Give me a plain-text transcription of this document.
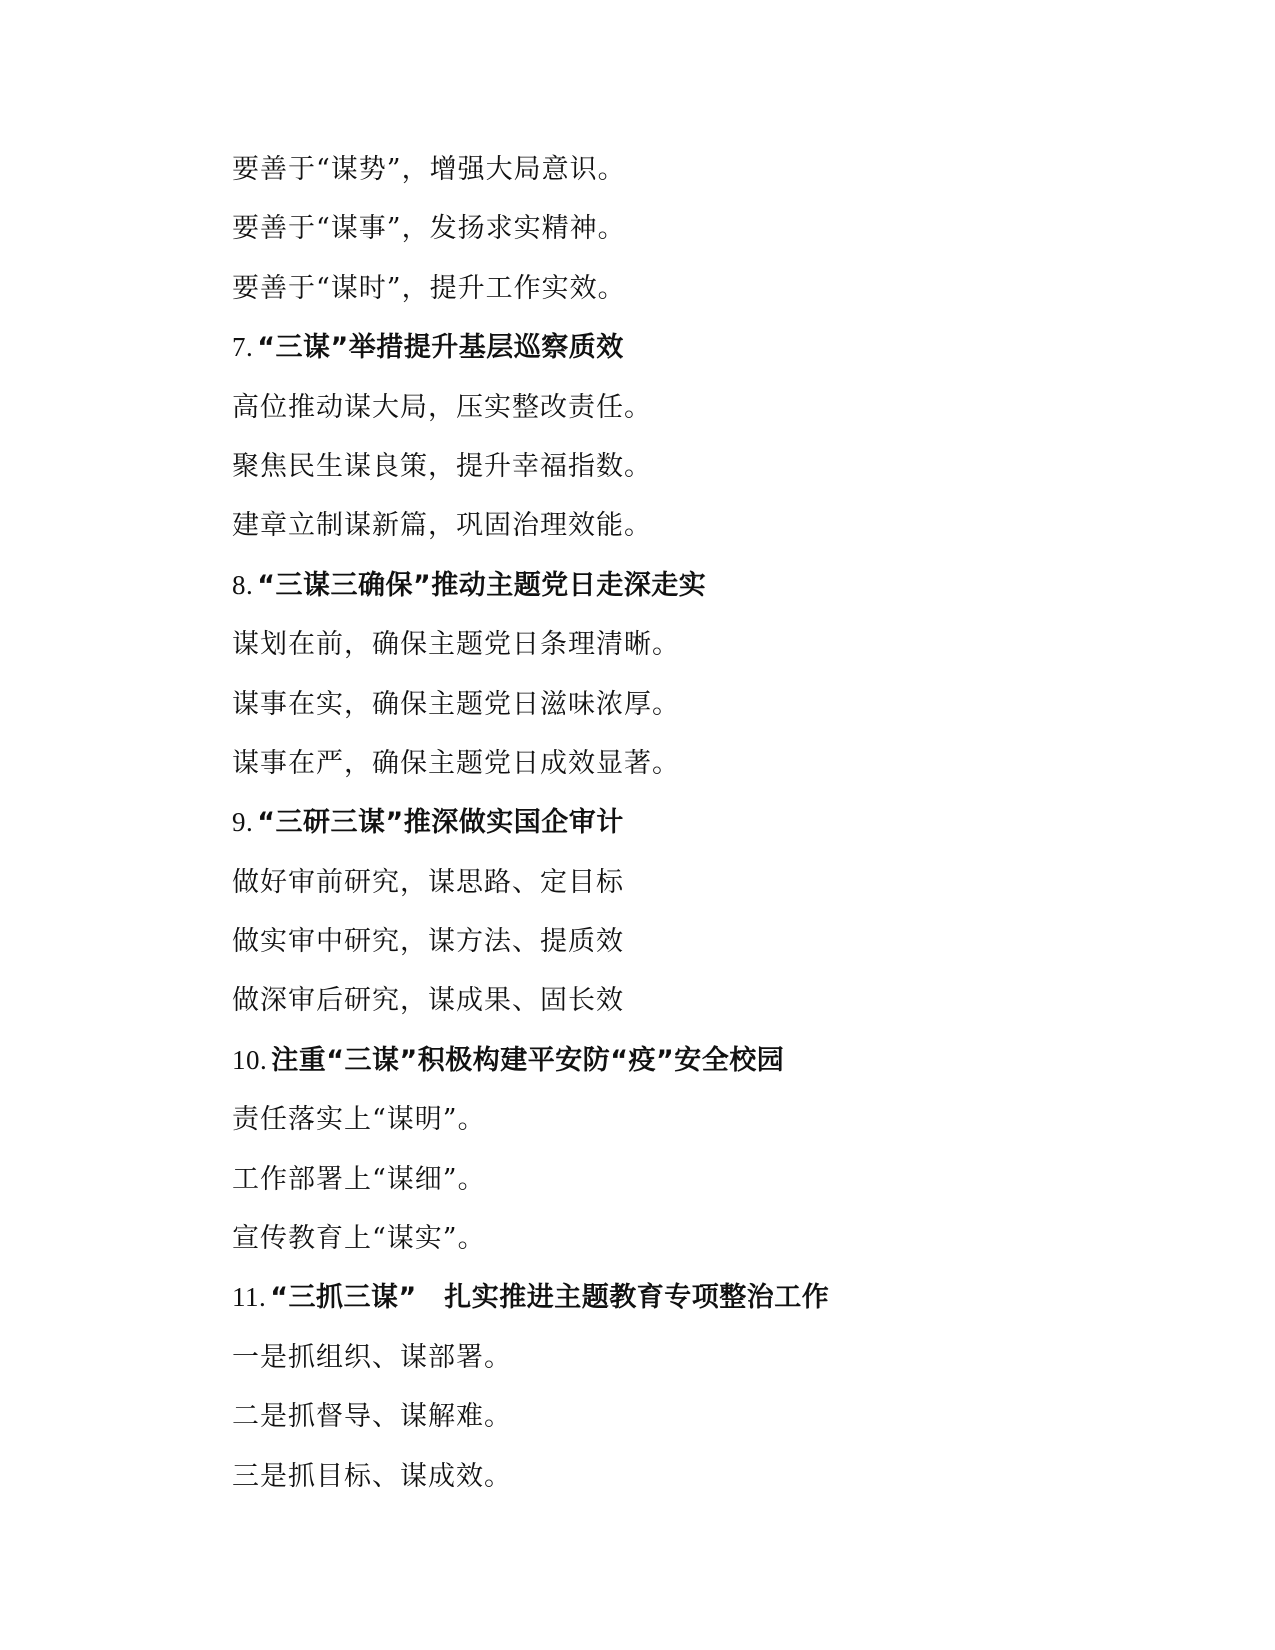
要善于“谋势”，增强大局意识。
要善于“谋事”，发扬求实精神。
要善于“谋时”，提升工作实效。
7. “三谋”举措提升基层巡察质效
高位推动谋大局，压实整改责任。
聚焦民生谋良策，提升幸福指数。
建章立制谋新篇，巩固治理效能。
8. “三谋三确保”推动主题党日走深走实
谋划在前，确保主题党日条理清晰。
谋事在实，确保主题党日滋味浓厚。
谋事在严，确保主题党日成效显著。
9. “三研三谋”推深做实国企审计
做好审前研究，谋思路、定目标
做实审中研究，谋方法、提质效
做深审后研究，谋成果、固长效
10. 注重“三谋”积极构建平安防“疫”安全校园
责任落实上“谋明”。
工作部署上“谋细”。
宣传教育上“谋实”。
11. “三抓三谋”　扎实推进主题教育专项整治工作
一是抓组织、谋部署。
二是抓督导、谋解难。
三是抓目标、谋成效。
